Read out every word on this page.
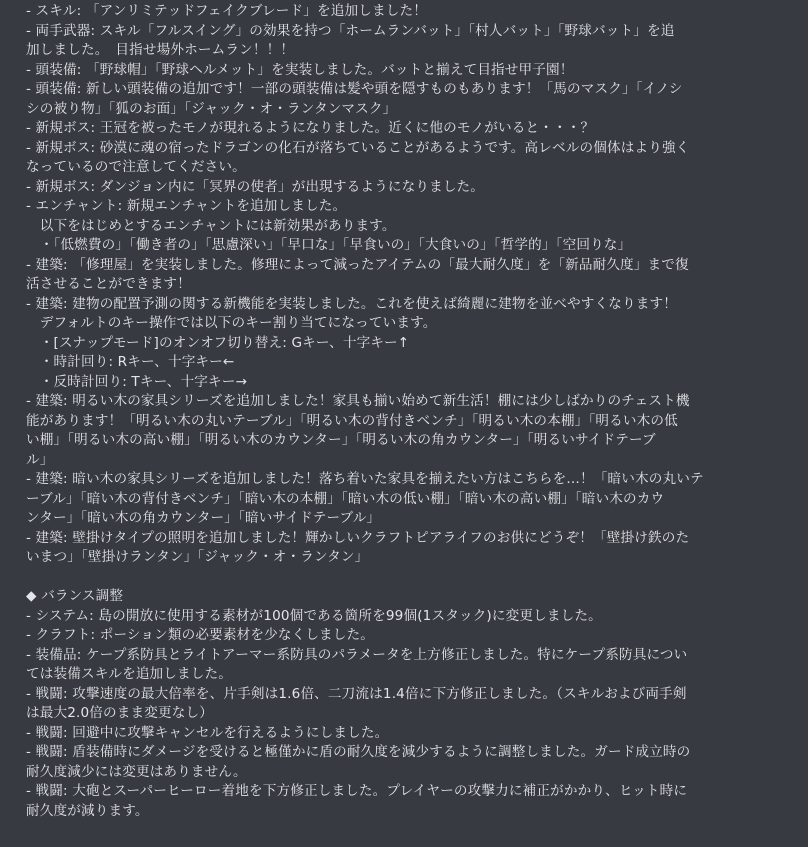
- スキル: 「アンリミテッドフェイクブレード」を追加しました！
- 両手武器: スキル「フルスイング」の効果を持つ「ホームランバット」「村人バット」「野球バット」を追
加しました。　目指せ場外ホームラン！！！
- 頭装備: 「野球帽」「野球ヘルメット」を実装しました。バットと揃えて目指せ甲子園！
- 頭装備: 新しい頭装備の追加です！一部の頭装備は髪や頭を隠すものもあります！「馬のマスク」「イノシ
シの被り物」「狐のお面」「ジャック・オ・ランタンマスク」
- 新規ボス: 王冠を被ったモノが現れるようになりました。近くに他のモノがいると・・・？
- 新規ボス: 砂漠に魂の宿ったドラゴンの化石が落ちていることがあるようです。高レベルの個体はより強く
なっているので注意してください。
- 新規ボス: ダンジョン内に「冥界の使者」が出現するようになりました。
- エンチャント: 新規エンチャントを追加しました。
　以下をはじめとするエンチャントには新効果があります。
　・「低燃費の」「働き者の」「思慮深い」「早口な」「早食いの」「大食いの」「哲学的」「空回りな」
- 建築: 「修理屋」を実装しました。修理によって減ったアイテムの「最大耐久度」を「新品耐久度」まで復
活させることができます！
- 建築: 建物の配置予測の関する新機能を実装しました。これを使えば綺麗に建物を並べやすくなります！
　デフォルトのキー操作では以下のキー割り当てになっています。
　・[スナップモード]のオンオフ切り替え: Gキー、十字キー↑
　・時計回り: Rキー、十字キー←
　・反時計回り: Tキー、十字キー→
- 建築: 明るい木の家具シリーズを追加しました！家具も揃い始めて新生活！棚には少しばかりのチェスト機
能があります！「明るい木の丸いテーブル」「明るい木の背付きベンチ」「明るい木の本棚」「明るい木の低
い棚」「明るい木の高い棚」「明るい木のカウンター」「明るい木の角カウンター」「明るいサイドテーブ
ル」
- 建築: 暗い木の家具シリーズを追加しました！落ち着いた家具を揃えたい方はこちらを…！「暗い木の丸いテ
ーブル」「暗い木の背付きベンチ」「暗い木の本棚」「暗い木の低い棚」「暗い木の高い棚」「暗い木のカウ
ンター」「暗い木の角カウンター」「暗いサイドテーブル」
- 建築: 壁掛けタイプの照明を追加しました！輝かしいクラフトピアライフのお供にどうぞ！「壁掛け鉄のた
いまつ」「壁掛けランタン」「ジャック・オ・ランタン」
◆ バランス調整
- システム: 島の開放に使用する素材が100個である箇所を99個(1スタック)に変更しました。
- クラフト: ポーション類の必要素材を少なくしました。
- 装備品: ケープ系防具とライトアーマー系防具のパラメータを上方修正しました。特にケープ系防具につい
ては装備スキルを追加しました。
- 戦闘: 攻撃速度の最大倍率を、片手剣は1.6倍、二刀流は1.4倍に下方修正しました。（スキルおよび両手剣
は最大2.0倍のまま変更なし）
- 戦闘: 回避中に攻撃キャンセルを行えるようにしました。
- 戦闘: 盾装備時にダメージを受けると極僅かに盾の耐久度を減少するように調整しました。ガード成立時の
耐久度減少には変更はありません。
- 戦闘: 大砲とスーパーヒーロー着地を下方修正しました。プレイヤーの攻撃力に補正がかかり、ヒット時に
耐久度が減ります。
